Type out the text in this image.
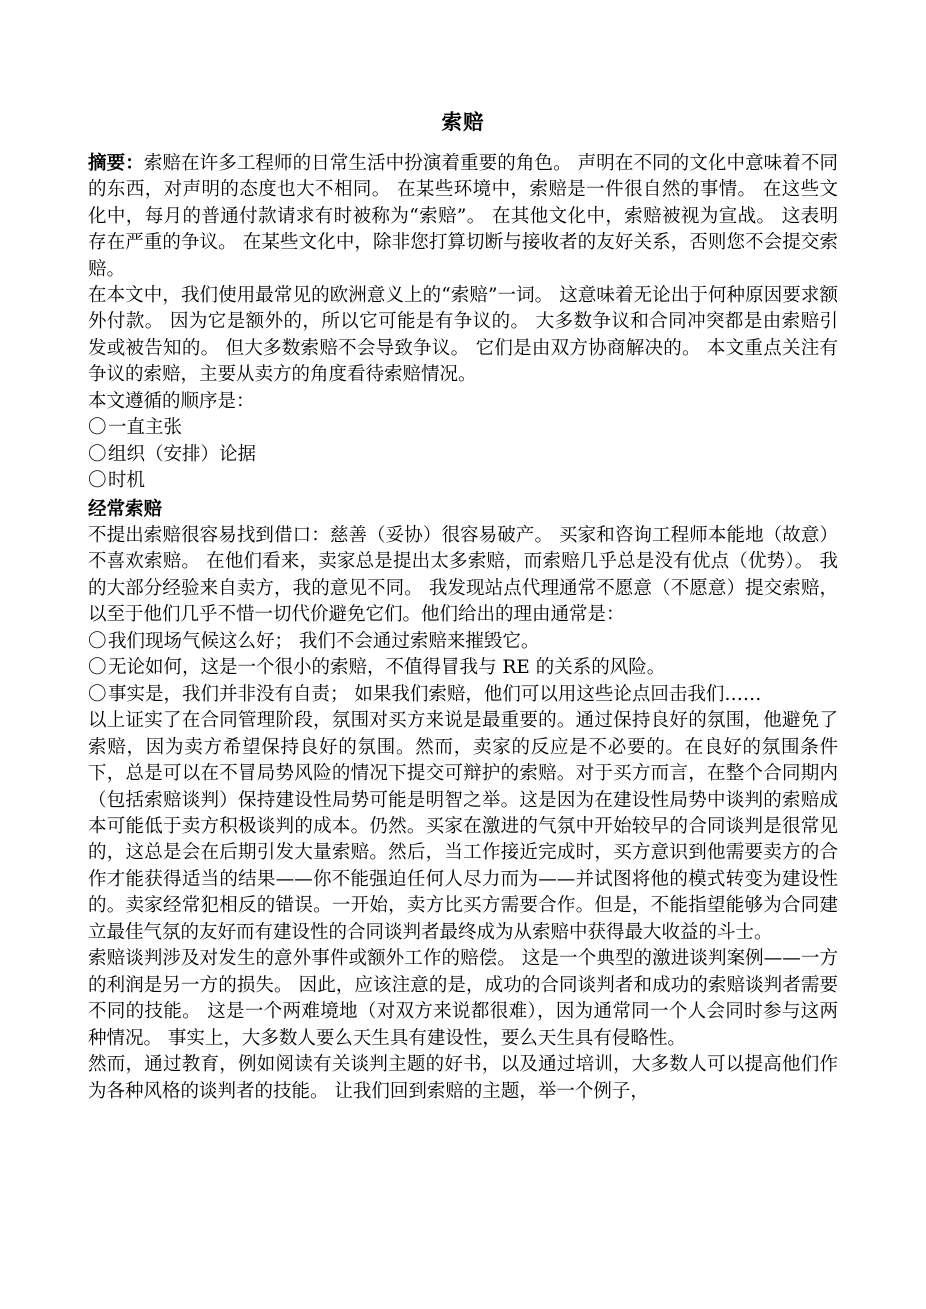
索赔

摘要：索赔在许多工程师的日常生活中扮演着重要的角色。 声明在不同的文化中意味着不同的东西，对声明的态度也大不相同。 在某些环境中，索赔是一件很自然的事情。 在这些文化中，每月的普通付款请求有时被称为“索赔”。 在其他文化中，索赔被视为宣战。 这表明存在严重的争议。 在某些文化中，除非您打算切断与接收者的友好关系，否则您不会提交索赔。

在本文中，我们使用最常见的欧洲意义上的“索赔”一词。 这意味着无论出于何种原因要求额外付款。 因为它是额外的，所以它可能是有争议的。 大多数争议和合同冲突都是由索赔引发或被告知的。 但大多数索赔不会导致争议。 它们是由双方协商解决的。 本文重点关注有争议的索赔，主要从卖方的角度看待索赔情况。

本文遵循的顺序是：

〇一直主张
〇组织（安排）论据
〇时机
经常索赔

不提出索赔很容易找到借口：慈善（妥协）很容易破产。 买家和咨询工程师本能地（故意）不喜欢索赔。 在他们看来，卖家总是提出太多索赔，而索赔几乎总是没有优点（优势）。 我的大部分经验来自卖方，我的意见不同。 我发现站点代理通常不愿意（不愿意）提交索赔，以至于他们几乎不惜一切代价避免它们。他们给出的理由通常是：

〇我们现场气候这么好； 我们不会通过索赔来摧毁它。
〇无论如何，这是一个很小的索赔，不值得冒我与 RE 的关系的风险。
〇事实是，我们并非没有自责； 如果我们索赔，他们可以用这些论点回击我们……

以上证实了在合同管理阶段，氛围对买方来说是最重要的。通过保持良好的氛围，他避免了索赔，因为卖方希望保持良好的氛围。然而，卖家的反应是不必要的。在良好的氛围条件下，总是可以在不冒局势风险的情况下提交可辩护的索赔。对于买方而言，在整个合同期内（包括索赔谈判）保持建设性局势可能是明智之举。这是因为在建设性局势中谈判的索赔成本可能低于卖方积极谈判的成本。仍然。买家在激进的气氛中开始较早的合同谈判是很常见的，这总是会在后期引发大量索赔。然后，当工作接近完成时，买方意识到他需要卖方的合作才能获得适当的结果——你不能强迫任何人尽力而为——并试图将他的模式转变为建设性的。卖家经常犯相反的错误。一开始，卖方比买方需要合作。但是，不能指望能够为合同建立最佳气氛的友好而有建设性的合同谈判者最终成为从索赔中获得最大收益的斗士。

索赔谈判涉及对发生的意外事件或额外工作的赔偿。 这是一个典型的激进谈判案例——一方的利润是另一方的损失。 因此，应该注意的是，成功的合同谈判者和成功的索赔谈判者需要不同的技能。 这是一个两难境地（对双方来说都很难），因为通常同一个人会同时参与这两种情况。 事实上，大多数人要么天生具有建设性，要么天生具有侵略性。

然而，通过教育，例如阅读有关谈判主题的好书，以及通过培训，大多数人可以提高他们作为各种风格的谈判者的技能。 让我们回到索赔的主题，举一个例子，
